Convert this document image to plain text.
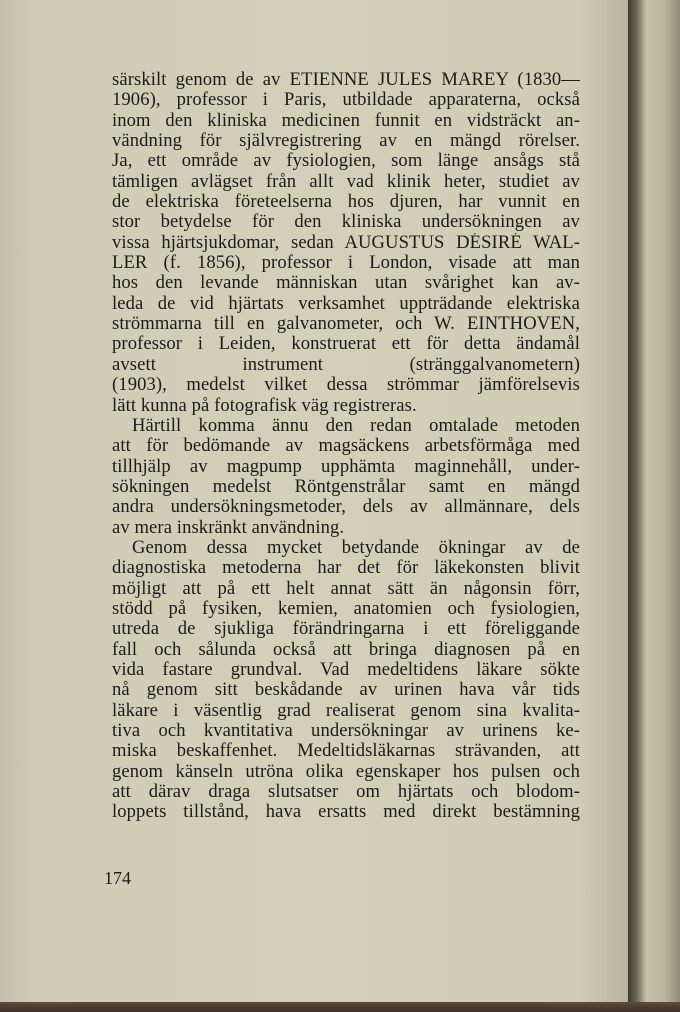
särskilt genom de av ETIENNE JULES MAREY (1830—
1906), professor i Paris, utbildade apparaterna, också
inom den kliniska medicinen funnit en vidsträckt an-
vändning för självregistrering av en mängd rörelser.
Ja, ett område av fysiologien, som länge ansågs stå
tämligen avlägset från allt vad klinik heter, studiet av
de elektriska företeelserna hos djuren, har vunnit en
stor betydelse för den kliniska undersökningen av
vissa hjärtsjukdomar, sedan AUGUSTUS DÉSIRÉ WAL-
LER (f. 1856), professor i London, visade att man
hos den levande människan utan svårighet kan av-
leda de vid hjärtats verksamhet uppträdande elektriska
strömmarna till en galvanometer, och W. EINTHOVEN,
professor i Leiden, konstruerat ett för detta ändamål
avsett instrument (stränggalvanometern)
(1903), medelst vilket dessa strömmar jämförelsevis
lätt kunna på fotografisk väg registreras.
Härtill komma ännu den redan omtalade metoden
att för bedömande av magsäckens arbetsförmåga med
tillhjälp av magpump upphämta maginnehåll, under-
sökningen medelst Röntgenstrålar samt en mängd
andra undersökningsmetoder, dels av allmännare, dels
av mera inskränkt användning.
Genom dessa mycket betydande ökningar av de
diagnostiska metoderna har det för läkekonsten blivit
möjligt att på ett helt annat sätt än någonsin förr,
stödd på fysiken, kemien, anatomien och fysiologien,
utreda de sjukliga förändringarna i ett föreliggande
fall och sålunda också att bringa diagnosen på en
vida fastare grundval. Vad medeltidens läkare sökte
nå genom sitt beskådande av urinen hava vår tids
läkare i väsentlig grad realiserat genom sina kvalita-
tiva och kvantitativa undersökningar av urinens ke-
miska beskaffenhet. Medeltidsläkarnas strävanden, att
genom känseln utröna olika egenskaper hos pulsen och
att därav draga slutsatser om hjärtats och blodom-
loppets tillstånd, hava ersatts med direkt bestämning
174
